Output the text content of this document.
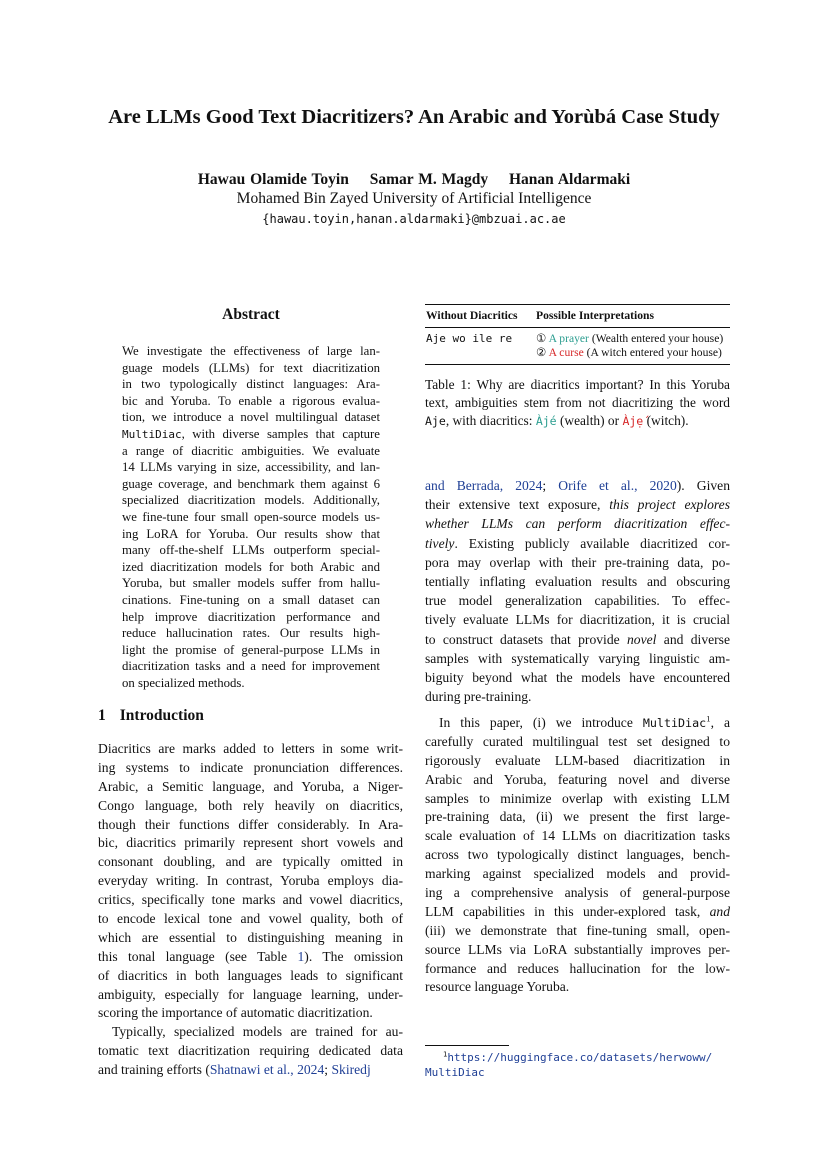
Are LLMs Good Text Diacritizers? An Arabic and Yorùbá Case Study
Hawau Olamide Toyin Samar M. Magdy Hanan Aldarmaki
Mohamed Bin Zayed University of Artificial Intelligence
{hawau.toyin,hanan.aldarmaki}@mbzuai.ac.ae
Abstract
We investigate the effectiveness of large lan-
guage models (LLMs) for text diacritization
in two typologically distinct languages: Ara-
bic and Yoruba. To enable a rigorous evalua-
tion, we introduce a novel multilingual dataset
MultiDiac, with diverse samples that capture
a range of diacritic ambiguities. We evaluate
14 LLMs varying in size, accessibility, and lan-
guage coverage, and benchmark them against 6
specialized diacritization models. Additionally,
we fine-tune four small open-source models us-
ing LoRA for Yoruba. Our results show that
many off-the-shelf LLMs outperform special-
ized diacritization models for both Arabic and
Yoruba, but smaller models suffer from hallu-
cinations. Fine-tuning on a small dataset can
help improve diacritization performance and
reduce hallucination rates. Our results high-
light the promise of general-purpose LLMs in
diacritization tasks and a need for improvement
on specialized methods.
1 Introduction
Diacritics are marks added to letters in some writ-
ing systems to indicate pronunciation differences.
Arabic, a Semitic language, and Yoruba, a Niger-
Congo language, both rely heavily on diacritics,
though their functions differ considerably. In Ara-
bic, diacritics primarily represent short vowels and
consonant doubling, and are typically omitted in
everyday writing. In contrast, Yoruba employs dia-
critics, specifically tone marks and vowel diacritics,
to encode lexical tone and vowel quality, both of
which are essential to distinguishing meaning in
this tonal language (see Table 1). The omission
of diacritics in both languages leads to significant
ambiguity, especially for language learning, under-
scoring the importance of automatic diacritization.
Typically, specialized models are trained for au-
tomatic text diacritization requiring dedicated data
and training efforts (Shatnawi et al., 2024; Skiredj
Without Diacritics	Possible Interpretations
Aje wo ile re	① A prayer (Wealth entered your house)
② A curse (A witch entered your house)
Table 1: Why are diacritics important? In this Yoruba
text, ambiguities stem from not diacritizing the word
Aje, with diacritics: Àjé (wealth) or Àjẹ́ (witch).
and Berrada, 2024; Orife et al., 2020). Given
their extensive text exposure, this project explores
whether LLMs can perform diacritization effec-
tively. Existing publicly available diacritized cor-
pora may overlap with their pre-training data, po-
tentially inflating evaluation results and obscuring
true model generalization capabilities. To effec-
tively evaluate LLMs for diacritization, it is crucial
to construct datasets that provide novel and diverse
samples with systematically varying linguistic am-
biguity beyond what the models have encountered
during pre-training.
In this paper, (i) we introduce MultiDiac$^1$, a
carefully curated multilingual test set designed to
rigorously evaluate LLM-based diacritization in
Arabic and Yoruba, featuring novel and diverse
samples to minimize overlap with existing LLM
pre-training data, (ii) we present the first large-
scale evaluation of 14 LLMs on diacritization tasks
across two typologically distinct languages, bench-
marking against specialized models and provid-
ing a comprehensive analysis of general-purpose
LLM capabilities in this under-explored task, and
(iii) we demonstrate that fine-tuning small, open-
source LLMs via LoRA substantially improves per-
formance and reduces hallucination for the low-
resource language Yoruba.
$^1$https://huggingface.co/datasets/herwoww/
MultiDiac
